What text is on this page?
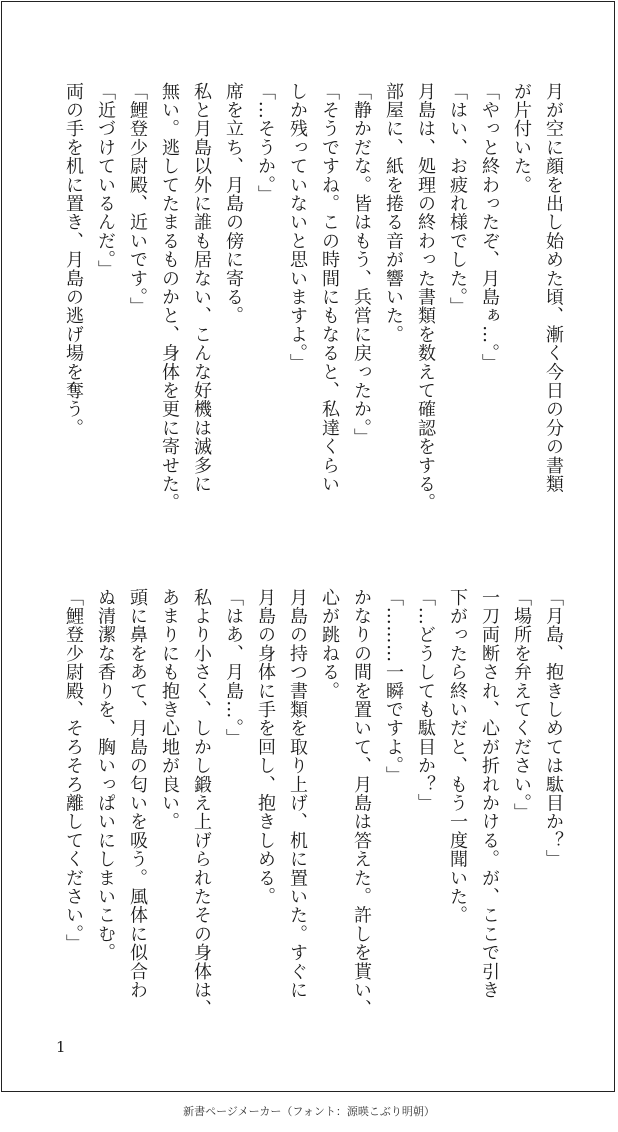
月が空に顔を出し始めた頃、漸く今日の分の書類
が片付いた。
「やっと終わったぞ、月島ぁ…。」
「はい、お疲れ様でした。」
月島は、処理の終わった書類を数えて確認をする。
部屋に、紙を捲る音が響いた。
「静かだな。皆はもう、兵営に戻ったか。」
「そうですね。この時間にもなると、私達くらい
しか残っていないと思いますよ。」
「…そうか。」
席を立ち、月島の傍に寄る。
私と月島以外に誰も居ない、こんな好機は滅多に
無い。逃してたまるものかと、身体を更に寄せた。
「鯉登少尉殿、近いです。」
「近づけているんだ。」
両の手を机に置き、月島の逃げ場を奪う。
「月島、抱きしめては駄目か？」
「場所を弁えてください。」
一刀両断され、心が折れかける。が、ここで引き
下がったら終いだと、もう一度聞いた。
「…どうしても駄目か？」
「………一瞬ですよ。」
かなりの間を置いて、月島は答えた。許しを貰い、
心が跳ねる。
月島の持つ書類を取り上げ、机に置いた。すぐに
月島の身体に手を回し、抱きしめる。
「はあ、月島…。」
私より小さく、しかし鍛え上げられたその身体は、
あまりにも抱き心地が良い。
頭に鼻をあて、月島の匂いを吸う。風体に似合わ
ぬ清潔な香りを、胸いっぱいにしまいこむ。
「鯉登少尉殿、そろそろ離してください。」
1
新書ページメーカー（フォント：源暎こぶり明朝）
